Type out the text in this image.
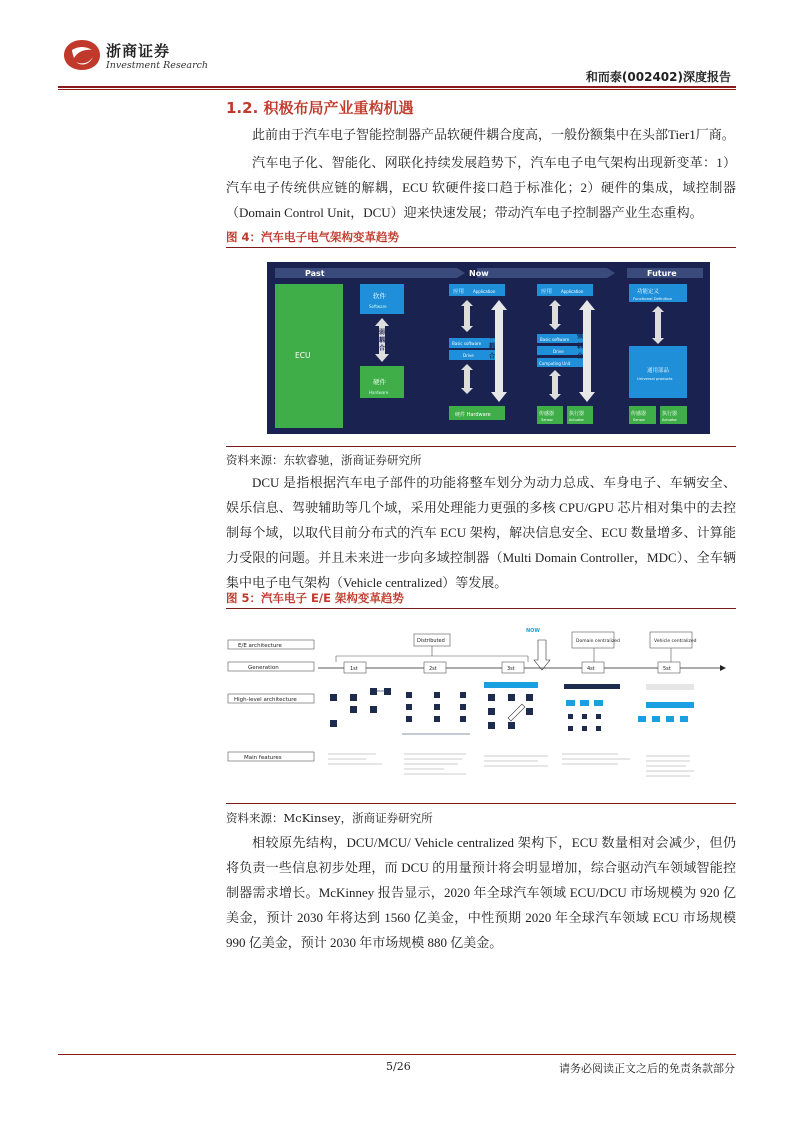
浙商证券
Investment Research
和而泰(002402)深度报告
1.2. 积极布局产业重构机遇

此前由于汽车电子智能控制器产品软硬件耦合度高，一般份额集中在头部Tier1厂商。

汽车电子化、智能化、网联化持续发展趋势下，汽车电子电气架构出现新变革：1）汽车电子传统供应链的解耦，ECU 软硬件接口趋于标准化；2）硬件的集成，域控制器（Domain Control Unit，DCU）迎来快速发展；带动汽车电子控制器产业生态重构。

图 4：汽车电子电气架构变革趋势
Past	Now	Future
ECU
软件
Software
弱
耦
合
硬件
Hardware
应用 Application
Basic software
Drive
硬件 Hardware
松
耦
合
应用 Application
Basic software
Drive
Computing Unit
传感器
Sensor
执行器
Actuator
强
耦
合
功能定义
Functional Definition
通用部品
Universal products
传感器
Sensor
执行器
Actuator
资料来源：东软睿驰，浙商证券研究所

DCU 是指根据汽车电子部件的功能将整车划分为动力总成、车身电子、车辆安全、娱乐信息、驾驶辅助等几个域，采用处理能力更强的多核 CPU/GPU 芯片相对集中的去控制每个域，以取代目前分布式的汽车 ECU 架构，解决信息安全、ECU 数量增多、计算能力受限的问题。并且未来进一步向多域控制器（Multi Domain Controller，MDC）、全车辆集中电子电气架构（Vehicle centralized）等发展。

图 5：汽车电子 E/E 架构变革趋势
E/E architecture
Generation
High-level architecture
Main features
Distributed
NOW
Domain centralized	Vehicle centralized
1st	2st	3st	4st	5st
资料来源：McKinsey，浙商证券研究所

相较原先结构，DCU/MCU/ Vehicle centralized 架构下，ECU 数量相对会减少，但仍将负责一些信息初步处理，而 DCU 的用量预计将会明显增加，综合驱动汽车领域智能控制器需求增长。McKinney 报告显示，2020 年全球汽车领域 ECU/DCU 市场规模为 920 亿美金，预计 2030 年将达到 1560 亿美金，中性预期 2020 年全球汽车领域 ECU 市场规模 990 亿美金，预计 2030 年市场规模 880 亿美金。

5/26	请务必阅读正文之后的免责条款部分
